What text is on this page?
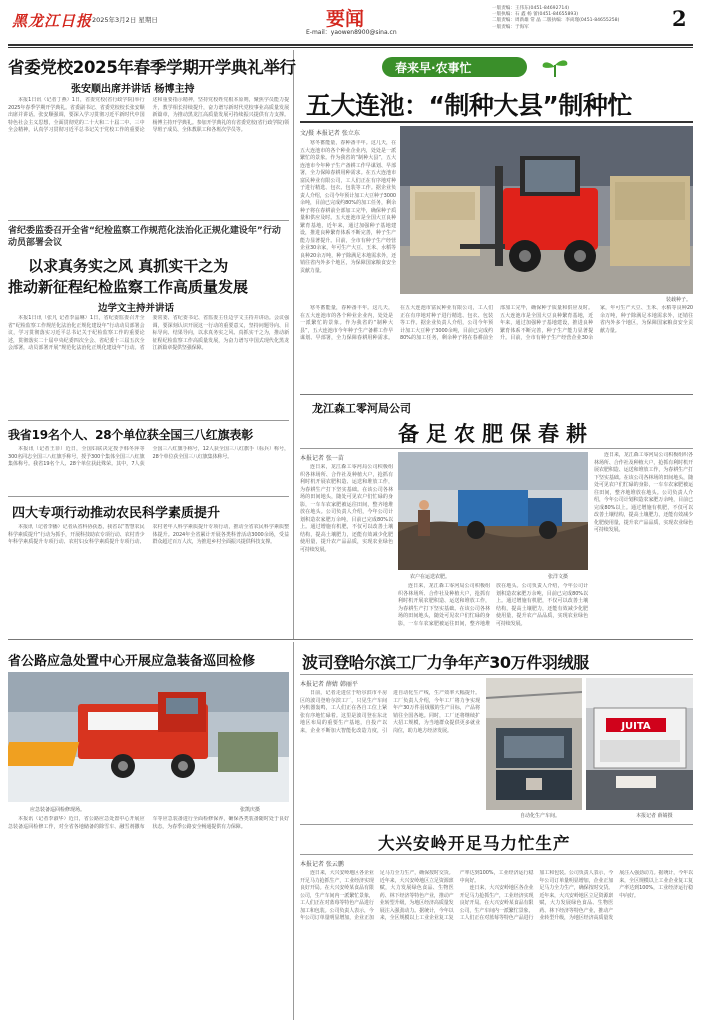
黑龙江日报 2025年3月2日 星期日	要闻
E-mail：yaowen8900@sina.cn
一版责编：王伟东(0451-84692714)
一版执编：石 鑫 杨 蕾(0451-84655893)
二版责编：周新雄 常 晶 二版执编：李尚瑾(0451-84655258)
一版责编：于海军	2
省委党校2025年春季学期开学典礼举行
张安顺出席并讲话 杨博主持

本报1日讯（记者丁燕）1日，省委党校(省行政学院)举行2025年春季学期开学典礼。省委副书记、省委党校校长张安顺出席并讲话。张安顺强调，要深入学习贯彻习近平新时代中国特色社会主义思想，全面贯彻党的二十大和二十届二中、三中全会精神，认真学习贯彻习近平总书记关于党校工作的重要论述和重要指示精神，坚持党校姓党根本原则，聚焦学员能力提升，教学相长持续提升，奋力谱写新时代党校事业高质量发展新篇章，为推动黑龙江高质量发展可持续振兴提供有力支撑。杨博主持开学典礼。参加开学典礼的有省委党校(省行政学院)领导班子成员、全体教职工和各班次学员等。

省纪委监委召开全省“纪检监察工作规范化法治化正规化建设年”行动动员部署会议
以求真务实之风 真抓实干之为
推动新征程纪检监察工作高质量发展
边学文主持并讲话

本报1日讯（张凡 记者李晶琳）1日，省纪委监委召开全省“纪检监察工作规范化法治化正规化建设年”行动动员部署会议，学习贯彻落实习近平总书记关于纪检监察工作的重要论述，贯彻落实二十届中央纪委四次全会、省纪委十三届五次全会部署，动员部署开展“规范化法治化正规化建设年”行动。省委常委、省纪委书记、省监委主任边学文主持并讲话。会议强调，要深刻认识开展这一行动的重要意义，坚持问题导向、目标导向、结果导向，以求真务实之风、真抓实干之为，推动新征程纪检监察工作高质量发展，为奋力谱写中国式现代化黑龙江新篇章提供坚强保障。

我省19名个人、28个单位获全国三八红旗表彰

本报讯（记者王菲）近日，全国妇联决定授予韩冬萍等300名同志全国三八红旗手称号，授予300个集体全国三八红旗集体称号。我省19名个人、28个单位获此殊荣。其中，7人获全国三八红旗手称号，12人获全国三八红旗手（标兵）称号，28个单位获全国三八红旗集体称号。

四大专项行动推动农民科学素质提升

本报讯（记者李播）记者从省科协获悉，我省以“智慧农民科学素质提升”行动为抓手，开展科技助农专项行动、农村青少年科学素质提升专项行动、农村妇女科学素质提升专项行动、农村老年人科学素质提升专项行动，推动全省农民科学素质整体提升。2024年全省累计开展各类科普活动3000余场，受益群众超过百万人次，为推进乡村全面振兴提供科技支撑。

省公路应急处置中心开展应急装备巡回检修
应急装备巡回检修现场。	张凯庆摄

本报讯（记者李淑华）近日，省公路应急处置中心开展应急装备巡回检修工作，对全省各地储备的除雪车、融雪剂撒布车等应急装备进行全面检修保养，确保各类装备随时处于良好状态，为春季公路安全畅通提供有力保障。

春来早·农事忙
五大连池：“制种大县”制种忙
文/摄 本报记者 张立东

寒冬蓄能量，春种备丰年。这几天，在五大连池市的各个种业企业内，处处是一派繁忙的景象。作为我省的“制种大县”，五大连池市今年种子生产备耕工作早谋划、早部署，全力保障春耕用种需求。在五大连池市富民种业有限公司，工人们正在有序地对种子进行精选、包衣、包装等工作。据企业负责人介绍，公司今年预计加工大豆种子3000余吨，目前已完成约80%的加工任务，剩余种子将在春耕前全部加工完毕，确保种子质量和供应及时。五大连池市是全国大豆良种繁育基地，近年来，通过加强种子基地建设，推进良种繁育体系不断完善，种子生产能力显著提升。目前，全市有种子生产经营企业30余家，年可生产大豆、玉米、水稻等良种20余万吨，种子除满足本地需求外，还销往省内外多个地区，为保障国家粮食安全贡献力量。

装载种子。

寒冬蓄能量，春种备丰年。这几天，在五大连池市的各个种业企业内，处处是一派繁忙的景象。作为我省的“制种大县”，五大连池市今年种子生产备耕工作早谋划、早部署，全力保障春耕用种需求。在五大连池市富民种业有限公司，工人们正在有序地对种子进行精选、包衣、包装等工作。据企业负责人介绍，公司今年预计加工大豆种子3000余吨，目前已完成约80%的加工任务，剩余种子将在春耕前全部加工完毕，确保种子质量和供应及时。五大连池市是全国大豆良种繁育基地，近年来，通过加强种子基地建设，推进良种繁育体系不断完善，种子生产能力显著提升。目前，全市有种子生产经营企业30余家，年可生产大豆、玉米、水稻等良种20余万吨，种子除满足本地需求外，还销往省内外多个地区，为保障国家粮食安全贡献力量。

龙江森工零河局公司
备足农肥保春耕
本报记者 张一苗

连日来，龙江森工零河局公司积极组织各林场所、合作社及种植大户，抢抓有利时机开展农肥积造、运送和堆放工作，为春耕生产打下坚实基础。在该公司各林场的田间地头，随处可见农户们忙碌的身影，一车车农家肥被运往田间，整齐地堆放在地头。公司负责人介绍，今年公司计划积造农家肥万余吨，目前已完成80%以上。通过增施有机肥，不仅可以改善土壤结构，提高土壤肥力，还能有效减少化肥使用量，提升农产品品质，实现农业绿色可持续发展。

农户在运送农肥。	张洋文摄

连日来，龙江森工零河局公司积极组织各林场所、合作社及种植大户，抢抓有利时机开展农肥积造、运送和堆放工作，为春耕生产打下坚实基础。在该公司各林场的田间地头，随处可见农户们忙碌的身影，一车车农家肥被运往田间，整齐地堆放在地头。公司负责人介绍，今年公司计划积造农家肥万余吨，目前已完成80%以上。通过增施有机肥，不仅可以改善土壤结构，提高土壤肥力，还能有效减少化肥使用量，提升农产品品质，实现农业绿色可持续发展。

连日来，龙江森工零河局公司积极组织各林场所、合作社及种植大户，抢抓有利时机开展农肥积造、运送和堆放工作，为春耕生产打下坚实基础。在该公司各林场的田间地头，随处可见农户们忙碌的身影，一车车农家肥被运往田间，整齐地堆放在地头。公司负责人介绍，今年公司计划积造农家肥万余吨，目前已完成80%以上。通过增施有机肥，不仅可以改善土壤结构，提高土壤肥力，还能有效减少化肥使用量，提升农产品品质，实现农业绿色可持续发展。

波司登哈尔滨工厂力争年产30万件羽绒服
本报记者 薛婧 韩丽平

日前，记者走进位于哈尔滨市平房区的波司登哈尔滨工厂，只见生产车间内机器轰鸣，工人们正在各自工位上紧张有序地忙碌着。这里是波司登在东北地区布局的重要生产基地，自投产以来，企业不断加大智能化改造力度，引进自动化生产线，生产效率大幅提升。工厂负责人介绍，今年工厂将力争实现年产30万件羽绒服的生产目标，产品将销往全国各地。同时，工厂还将继续扩大招工规模，为当地群众提供更多就业岗位，助力地方经济发展。	JUITA
自动化生产车间。	本报记者 薛婧摄
大兴安岭开足马力忙生产
本报记者 张云鹏

连日来，大兴安岭地区各企业开足马力抢抓生产，工业经济实现良好开局。在大兴安岭某食品有限公司，生产车间内一派繁忙景象，工人们正在对蓝莓等特色产品进行加工和包装。公司负责人表示，今年公司订单量明显增加，企业正加足马力全力生产，确保按时交货。近年来，大兴安岭地区立足资源禀赋，大力发展绿色食品、生物医药、林下经济等特色产业，推动产业转型升级，为地区经济高质量发展注入强劲动力。据统计，今年以来，全区规模以上工业企业复工复产率达到100%，工业经济运行稳中向好。

连日来，大兴安岭地区各企业开足马力抢抓生产，工业经济实现良好开局。在大兴安岭某食品有限公司，生产车间内一派繁忙景象，工人们正在对蓝莓等特色产品进行加工和包装。公司负责人表示，今年公司订单量明显增加，企业正加足马力全力生产，确保按时交货。近年来，大兴安岭地区立足资源禀赋，大力发展绿色食品、生物医药、林下经济等特色产业，推动产业转型升级，为地区经济高质量发展注入强劲动力。据统计，今年以来，全区规模以上工业企业复工复产率达到100%，工业经济运行稳中向好。
